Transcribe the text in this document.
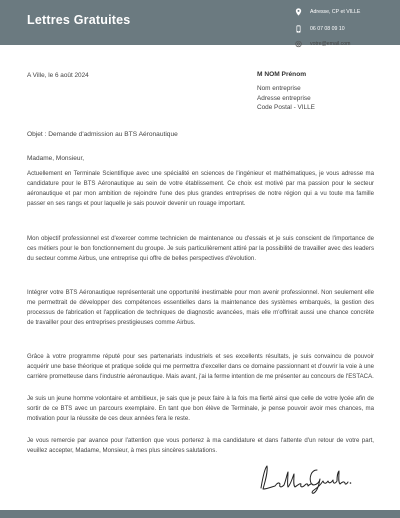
Lettres Gratuites
Adresse, CP et VILLE
06 07 08 09 10
votre@email.com
A Ville, le 6 août 2024	M NOM Prénom
Nom entreprise
Adresse entreprise
Code Postal - VILLE
Objet : Demande d'admission au BTS Aéronautique
Madame, Monsieur,

Actuellement en Terminale Scientifique avec une spécialité en sciences de l'ingénieur et mathématiques, je vous adresse ma candidature pour le BTS Aéronautique au sein de votre établissement. Ce choix est motivé par ma passion pour le secteur aéronautique et par mon ambition de rejoindre l'une des plus grandes entreprises de notre région qui a vu toute ma famille passer en ses rangs et pour laquelle je sais pouvoir devenir un rouage important.

Mon objectif professionnel est d'exercer comme technicien de maintenance ou d'essais et je suis conscient de l'importance de ces métiers pour le bon fonctionnement du groupe. Je suis particulièrement attiré par la possibilité de travailler avec des leaders du secteur comme Airbus, une entreprise qui offre de belles perspectives d'évolution.

Intégrer votre BTS Aéronautique représenterait une opportunité inestimable pour mon avenir professionnel. Non seulement elle me permettrait de développer des compétences essentielles dans la maintenance des systèmes embarqués, la gestion des processus de fabrication et l'application de techniques de diagnostic avancées, mais elle m'offrirait aussi une chance concrète de travailler pour des entreprises prestigieuses comme Airbus.

Grâce à votre programme réputé pour ses partenariats industriels et ses excellents résultats, je suis convaincu de pouvoir acquérir une base théorique et pratique solide qui me permettra d'exceller dans ce domaine passionnant et d'ouvrir la voie à une carrière prometteuse dans l'industrie aéronautique. Mais avant, j'ai la ferme intention de me présenter au concours de l'ESTACA.

Je suis un jeune homme volontaire et ambitieux, je sais que je peux faire à la fois ma fierté ainsi que celle de votre lycée afin de sortir de ce BTS avec un parcours exemplaire. En tant que bon élève de Terminale, je pense pouvoir avoir mes chances, ma motivation pour la réussite de ces deux années fera le reste.

Je vous remercie par avance pour l'attention que vous porterez à ma candidature et dans l'attente d'un retour de votre part, veuillez accepter, Madame, Monsieur, à mes plus sincères salutations.
